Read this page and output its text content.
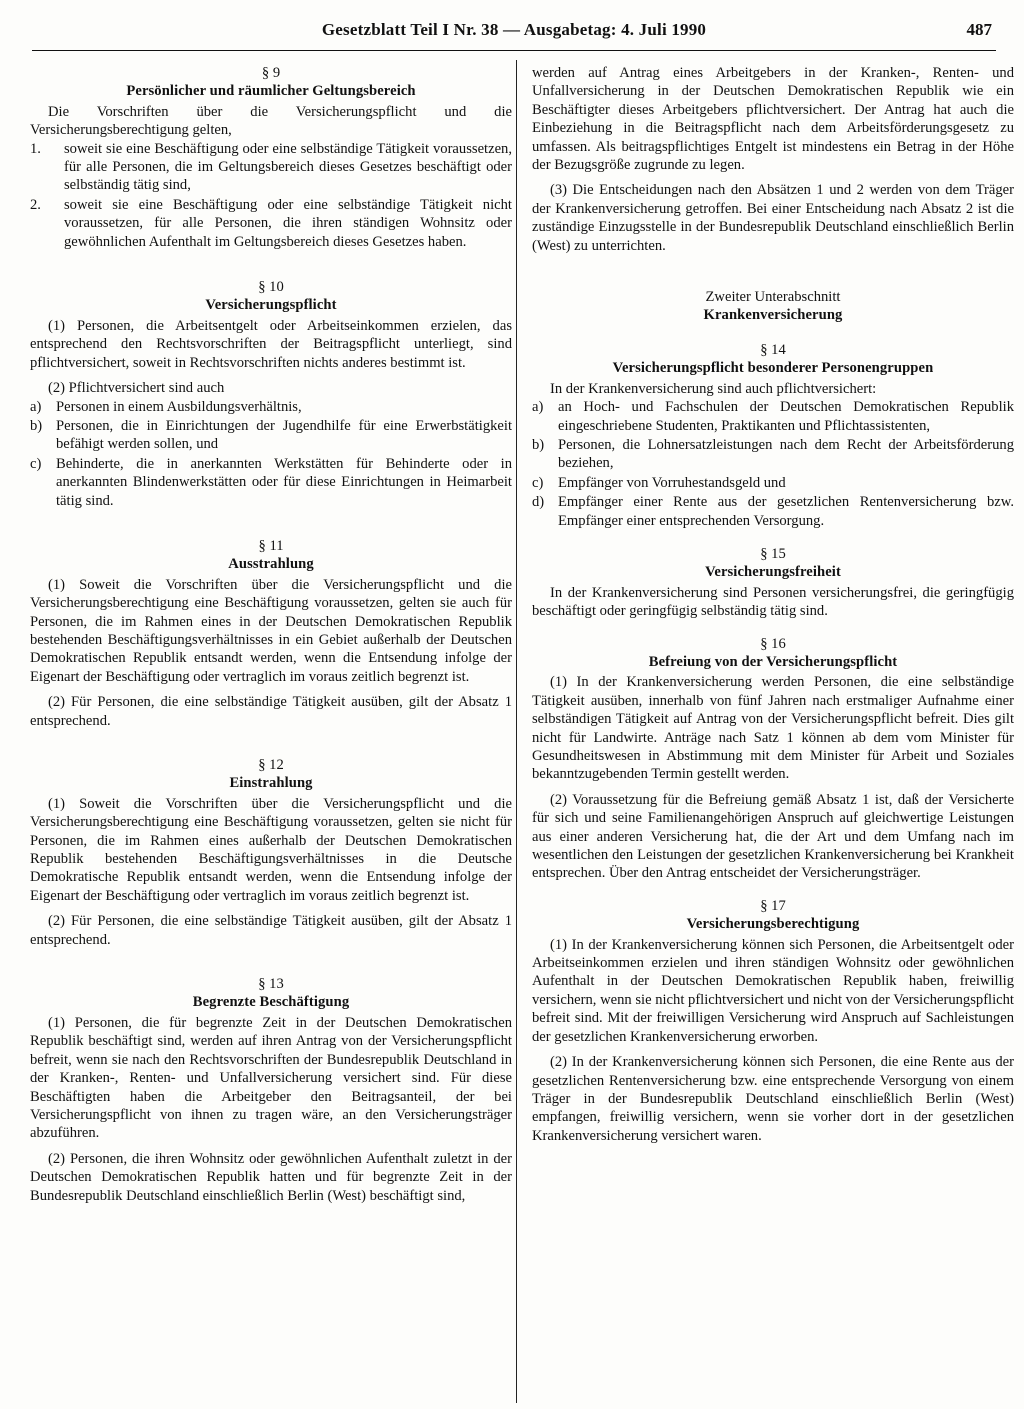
Gesetzblatt Teil I Nr. 38 — Ausgabetag: 4. Juli 1990	487
§ 9
Persönlicher und räumlicher Geltungsbereich

Die Vorschriften über die Versicherungspflicht und die Versicherungsberechtigung gelten,

1.	soweit sie eine Beschäftigung oder eine selbständige Tätigkeit voraussetzen, für alle Personen, die im Geltungsbereich dieses Gesetzes beschäftigt oder selbständig tätig sind,
2.	soweit sie eine Beschäftigung oder eine selbständige Tätigkeit nicht voraussetzen, für alle Personen, die ihren ständigen Wohnsitz oder gewöhnlichen Aufenthalt im Geltungsbereich dieses Gesetzes haben.
§ 10
Versicherungspflicht

(1) Personen, die Arbeitsentgelt oder Arbeitseinkommen erzielen, das entsprechend den Rechtsvorschriften der Beitragspflicht unterliegt, sind pflichtversichert, soweit in Rechtsvorschriften nichts anderes bestimmt ist.

(2) Pflichtversichert sind auch

a)	Personen in einem Ausbildungsverhältnis,
b) Personen, die in Einrichtungen der Jugendhilfe für eine Erwerbstätigkeit befähigt werden sollen, und
c)	Behinderte, die in anerkannten Werkstätten für Behinderte oder in anerkannten Blindenwerkstätten oder für diese Einrichtungen in Heimarbeit tätig sind.
§ 11
Ausstrahlung

(1) Soweit die Vorschriften über die Versicherungspflicht und die Versicherungsberechtigung eine Beschäftigung voraussetzen, gelten sie auch für Personen, die im Rahmen eines in der Deutschen Demokratischen Republik bestehenden Beschäftigungsverhältnisses in ein Gebiet außerhalb der Deutschen Demokratischen Republik entsandt werden, wenn die Entsendung infolge der Eigenart der Beschäftigung oder vertraglich im voraus zeitlich begrenzt ist.

(2) Für Personen, die eine selbständige Tätigkeit ausüben, gilt der Absatz 1 entsprechend.

§ 12
Einstrahlung

(1) Soweit die Vorschriften über die Versicherungspflicht und die Versicherungsberechtigung eine Beschäftigung voraussetzen, gelten sie nicht für Personen, die im Rahmen eines außerhalb der Deutschen Demokratischen Republik bestehenden Beschäftigungsverhältnisses in die Deutsche Demokratische Republik entsandt werden, wenn die Entsendung infolge der Eigenart der Beschäftigung oder vertraglich im voraus zeitlich begrenzt ist.

(2) Für Personen, die eine selbständige Tätigkeit ausüben, gilt der Absatz 1 entsprechend.

§ 13
Begrenzte Beschäftigung

(1) Personen, die für begrenzte Zeit in der Deutschen Demokratischen Republik beschäftigt sind, werden auf ihren Antrag von der Versicherungspflicht befreit, wenn sie nach den Rechtsvorschriften der Bundesrepublik Deutschland in der Kranken-, Renten- und Unfallversicherung versichert sind. Für diese Beschäftigten haben die Arbeitgeber den Beitragsanteil, der bei Versicherungspflicht von ihnen zu tragen wäre, an den Versicherungsträger abzuführen.

(2) Personen, die ihren Wohnsitz oder gewöhnlichen Aufenthalt zuletzt in der Deutschen Demokratischen Republik hatten und für begrenzte Zeit in der Bundesrepublik Deutschland einschließlich Berlin (West) beschäftigt sind,

werden auf Antrag eines Arbeitgebers in der Kranken-, Renten- und Unfallversicherung in der Deutschen Demokratischen Republik wie ein Beschäftigter dieses Arbeitgebers pflichtversichert. Der Antrag hat auch die Einbeziehung in die Beitragspflicht nach dem Arbeitsförderungsgesetz zu umfassen. Als beitragspflichtiges Entgelt ist mindestens ein Betrag in der Höhe der Bezugsgröße zugrunde zu legen.

(3) Die Entscheidungen nach den Absätzen 1 und 2 werden von dem Träger der Krankenversicherung getroffen. Bei einer Entscheidung nach Absatz 2 ist die zuständige Einzugsstelle in der Bundesrepublik Deutschland einschließlich Berlin (West) zu unterrichten.

Zweiter Unterabschnitt
Krankenversicherung
§ 14
Versicherungspflicht besonderer Personengruppen

In der Krankenversicherung sind auch pflichtversichert:

a)	an Hoch- und Fachschulen der Deutschen Demokratischen Republik eingeschriebene Studenten, Praktikanten und Pflichtassistenten,
b) Personen, die Lohnersatzleistungen nach dem Recht der Arbeitsförderung beziehen,
c)	Empfänger von Vorruhestandsgeld und
d) Empfänger einer Rente aus der gesetzlichen Rentenversicherung bzw. Empfänger einer entsprechenden Versorgung.
§ 15
Versicherungsfreiheit

In der Krankenversicherung sind Personen versicherungsfrei, die geringfügig beschäftigt oder geringfügig selbständig tätig sind.

§ 16
Befreiung von der Versicherungspflicht

(1) In der Krankenversicherung werden Personen, die eine selbständige Tätigkeit ausüben, innerhalb von fünf Jahren nach erstmaliger Aufnahme einer selbständigen Tätigkeit auf Antrag von der Versicherungspflicht befreit. Dies gilt nicht für Landwirte. Anträge nach Satz 1 können ab dem vom Minister für Gesundheitswesen in Abstimmung mit dem Minister für Arbeit und Soziales bekanntzugebenden Termin gestellt werden.

(2) Voraussetzung für die Befreiung gemäß Absatz 1 ist, daß der Versicherte für sich und seine Familienangehörigen Anspruch auf gleichwertige Leistungen aus einer anderen Versicherung hat, die der Art und dem Umfang nach im wesentlichen den Leistungen der gesetzlichen Krankenversicherung bei Krankheit entsprechen. Über den Antrag entscheidet der Versicherungsträger.

§ 17
Versicherungsberechtigung

(1) In der Krankenversicherung können sich Personen, die Arbeitsentgelt oder Arbeitseinkommen erzielen und ihren ständigen Wohnsitz oder gewöhnlichen Aufenthalt in der Deutschen Demokratischen Republik haben, freiwillig versichern, wenn sie nicht pflichtversichert und nicht von der Versicherungspflicht befreit sind. Mit der freiwilligen Versicherung wird Anspruch auf Sachleistungen der gesetzlichen Krankenversicherung erworben.

(2) In der Krankenversicherung können sich Personen, die eine Rente aus der gesetzlichen Rentenversicherung bzw. eine entsprechende Versorgung von einem Träger in der Bundesrepublik Deutschland einschließlich Berlin (West) empfangen, freiwillig versichern, wenn sie vorher dort in der gesetzlichen Krankenversicherung versichert waren.
